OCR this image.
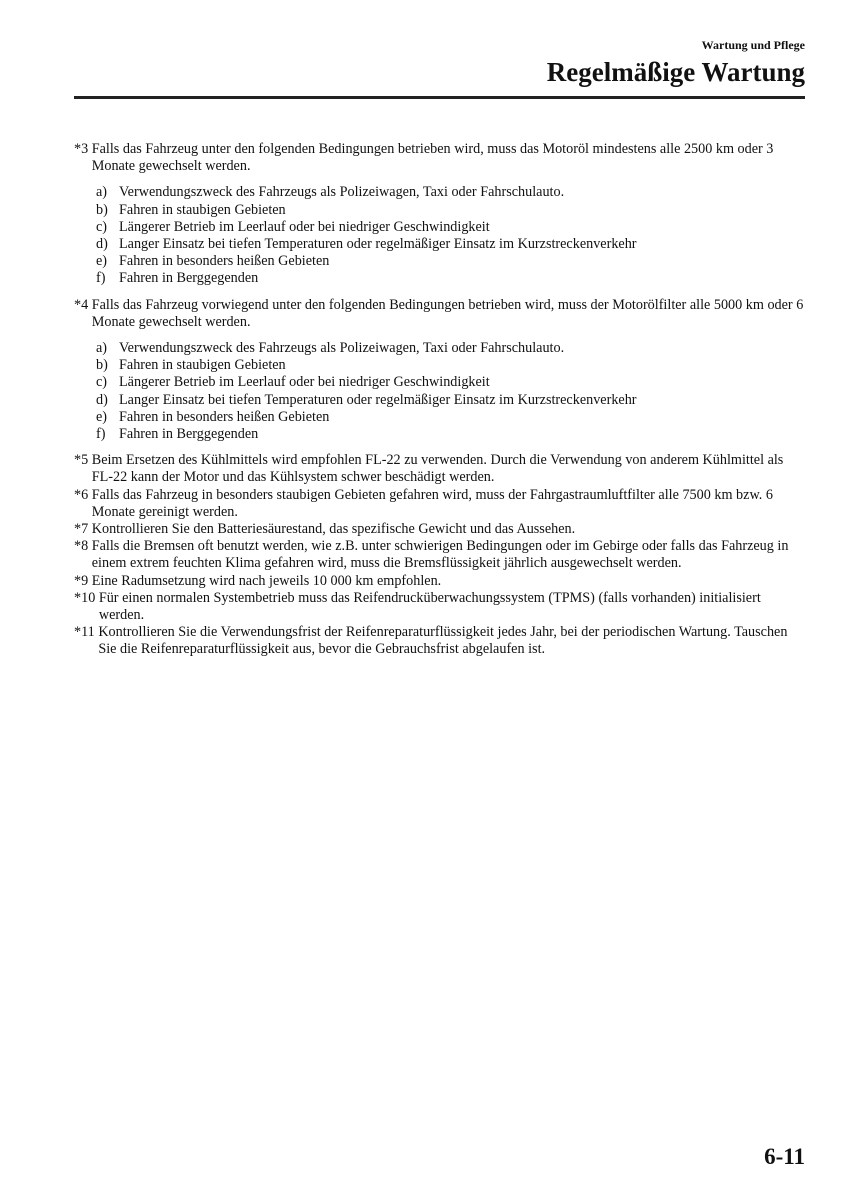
Wartung und Pflege
Regelmäßige Wartung
*3 Falls das Fahrzeug unter den folgenden Bedingungen betrieben wird, muss das Motoröl mindestens alle 2500 km oder 3 Monate gewechselt werden.
a) Verwendungszweck des Fahrzeugs als Polizeiwagen, Taxi oder Fahrschulauto.
b) Fahren in staubigen Gebieten
c) Längerer Betrieb im Leerlauf oder bei niedriger Geschwindigkeit
d) Langer Einsatz bei tiefen Temperaturen oder regelmäßiger Einsatz im Kurzstreckenverkehr
e) Fahren in besonders heißen Gebieten
f) Fahren in Berggegenden
*4 Falls das Fahrzeug vorwiegend unter den folgenden Bedingungen betrieben wird, muss der Motorölfilter alle 5000 km oder 6 Monate gewechselt werden.
a) Verwendungszweck des Fahrzeugs als Polizeiwagen, Taxi oder Fahrschulauto.
b) Fahren in staubigen Gebieten
c) Längerer Betrieb im Leerlauf oder bei niedriger Geschwindigkeit
d) Langer Einsatz bei tiefen Temperaturen oder regelmäßiger Einsatz im Kurzstreckenverkehr
e) Fahren in besonders heißen Gebieten
f) Fahren in Berggegenden
*5 Beim Ersetzen des Kühlmittels wird empfohlen FL-22 zu verwenden. Durch die Verwendung von anderem Kühlmittel als FL-22 kann der Motor und das Kühlsystem schwer beschädigt werden.
*6 Falls das Fahrzeug in besonders staubigen Gebieten gefahren wird, muss der Fahrgastraumluftfilter alle 7500 km bzw. 6 Monate gereinigt werden.
*7 Kontrollieren Sie den Batteriesäurestand, das spezifische Gewicht und das Aussehen.
*8 Falls die Bremsen oft benutzt werden, wie z.B. unter schwierigen Bedingungen oder im Gebirge oder falls das Fahrzeug in einem extrem feuchten Klima gefahren wird, muss die Bremsflüssigkeit jährlich ausgewechselt werden.
*9 Eine Radumsetzung wird nach jeweils 10 000 km empfohlen.
*10 Für einen normalen Systembetrieb muss das Reifendrucküberwachungssystem (TPMS) (falls vorhanden) initialisiert werden.
*11 Kontrollieren Sie die Verwendungsfrist der Reifenreparaturflüssigkeit jedes Jahr, bei der periodischen Wartung. Tauschen Sie die Reifenreparaturflüssigkeit aus, bevor die Gebrauchsfrist abgelaufen ist.
6-11
